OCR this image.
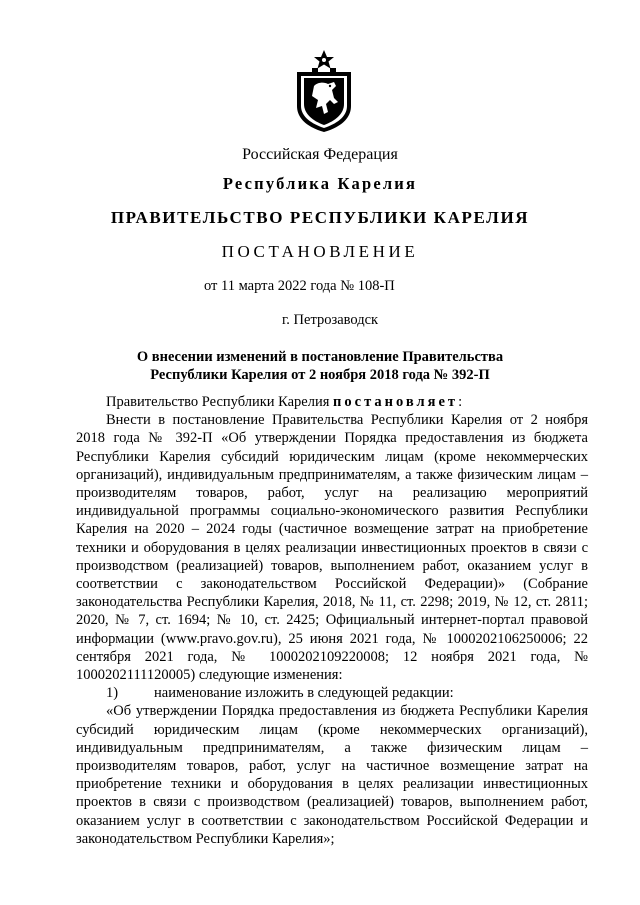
Российская Федерация
Республика Карелия
ПРАВИТЕЛЬСТВО РЕСПУБЛИКИ КАРЕЛИЯ
ПОСТАНОВЛЕНИЕ
от 11 марта 2022 года № 108-П
г. Петрозаводск
О внесении изменений в постановление Правительства
Республики Карелия от 2 ноября 2018 года № 392-П

Правительство Республики Карелия постановляет:

Внести в постановление Правительства Республики Карелия от 2 ноября 2018 года № 392-П «Об утверждении Порядка предоставления из бюджета Республики Карелия субсидий юридическим лицам (кроме некоммерческих организаций), индивидуальным предпринимателям, а также физическим лицам – производителям товаров, работ, услуг на реализацию мероприятий индивидуальной программы социально-экономического развития Республики Карелия на 2020 – 2024 годы (частичное возмещение затрат на приобретение техники и оборудования в целях реализации инвестиционных проектов в связи с производством (реализацией) товаров, выполнением работ, оказанием услуг в соответствии с законодательством Российской Федерации)» (Собрание законодательства Республики Карелия, 2018, № 11, ст. 2298; 2019, № 12, ст. 2811; 2020, № 7, ст. 1694; № 10, ст. 2425; Официальный интернет-портал правовой информации (www.pravo.gov.ru), 25 июня 2021 года, № 1000202106250006; 22 сентября 2021 года, № 1000202109220008; 12 ноября 2021 года, № 1000202111120005) следующие изменения:

1) наименование изложить в следующей редакции:

«Об утверждении Порядка предоставления из бюджета Республики Карелия субсидий юридическим лицам (кроме некоммерческих организаций), индивидуальным предпринимателям, а также физическим лицам – производителям товаров, работ, услуг на частичное возмещение затрат на приобретение техники и оборудования в целях реализации инвестиционных проектов в связи с производством (реализацией) товаров, выполнением работ, оказанием услуг в соответствии с законодательством Российской Федерации и законодательством Республики Карелия»;
